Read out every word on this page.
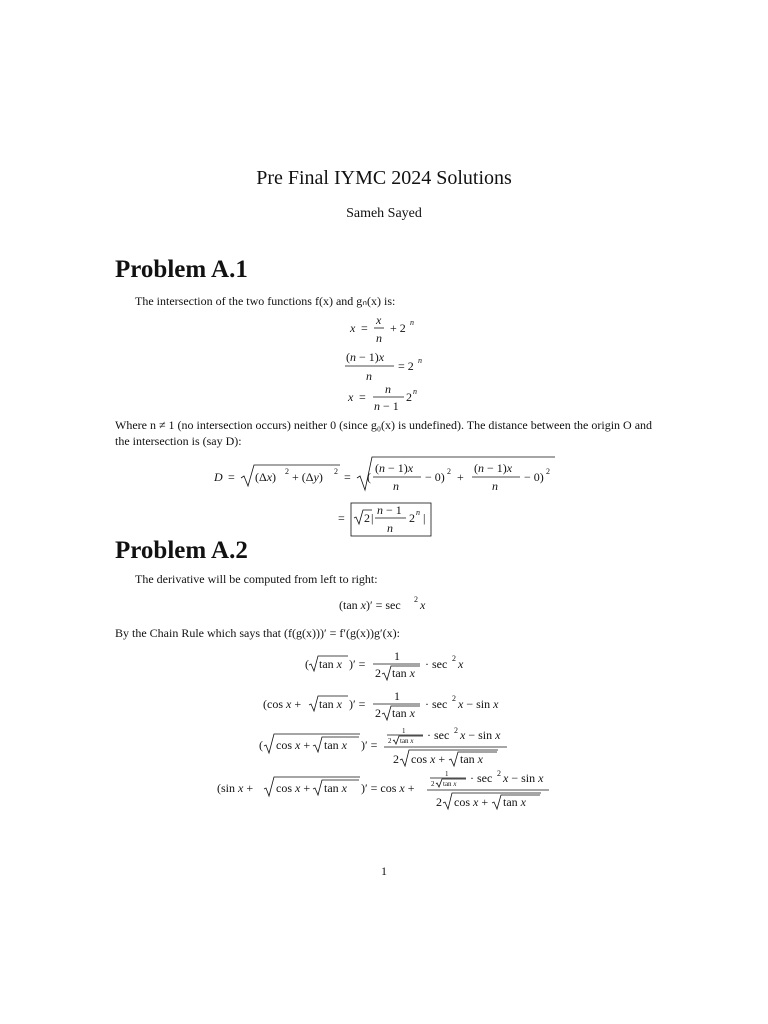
Pre Final IYMC 2024 Solutions
Sameh Sayed
Problem A.1
The intersection of the two functions f(x) and gₙ(x) is:
Where n ≠ 1 (no intersection occurs) neither 0 (since g₀(x) is undefined). The distance between the origin O and the intersection is (say D):
Problem A.2
The derivative will be computed from left to right:
By the Chain Rule which says that (f(g(x)))′ = f′(g(x))g′(x):
x =
x
n
+ 2 n
(n − 1)x
n
= 2 n
x =
n
n − 1
2 n
D = (Δx) 2 + (Δy) 2 = (
(n − 1)x
n
− 0) 2 +
(n − 1)x
n
− 0) 2
= 2 |
n − 1
n
2 n |
(tan x)′ = sec 2 x
( tan x )′ =
1
2 tan x
· sec 2 x
(cos x + tan x )′ =
1
2 tan x
· sec 2 x − sin x
( cos x + tan x )′ =
1
2 tan x · sec 2 x − sin x
2 cos x + tan x
(sin x + cos x + tan x )′ = cos x +
1
2 tan x · sec 2 x − sin x
2 cos x + tan x
1
